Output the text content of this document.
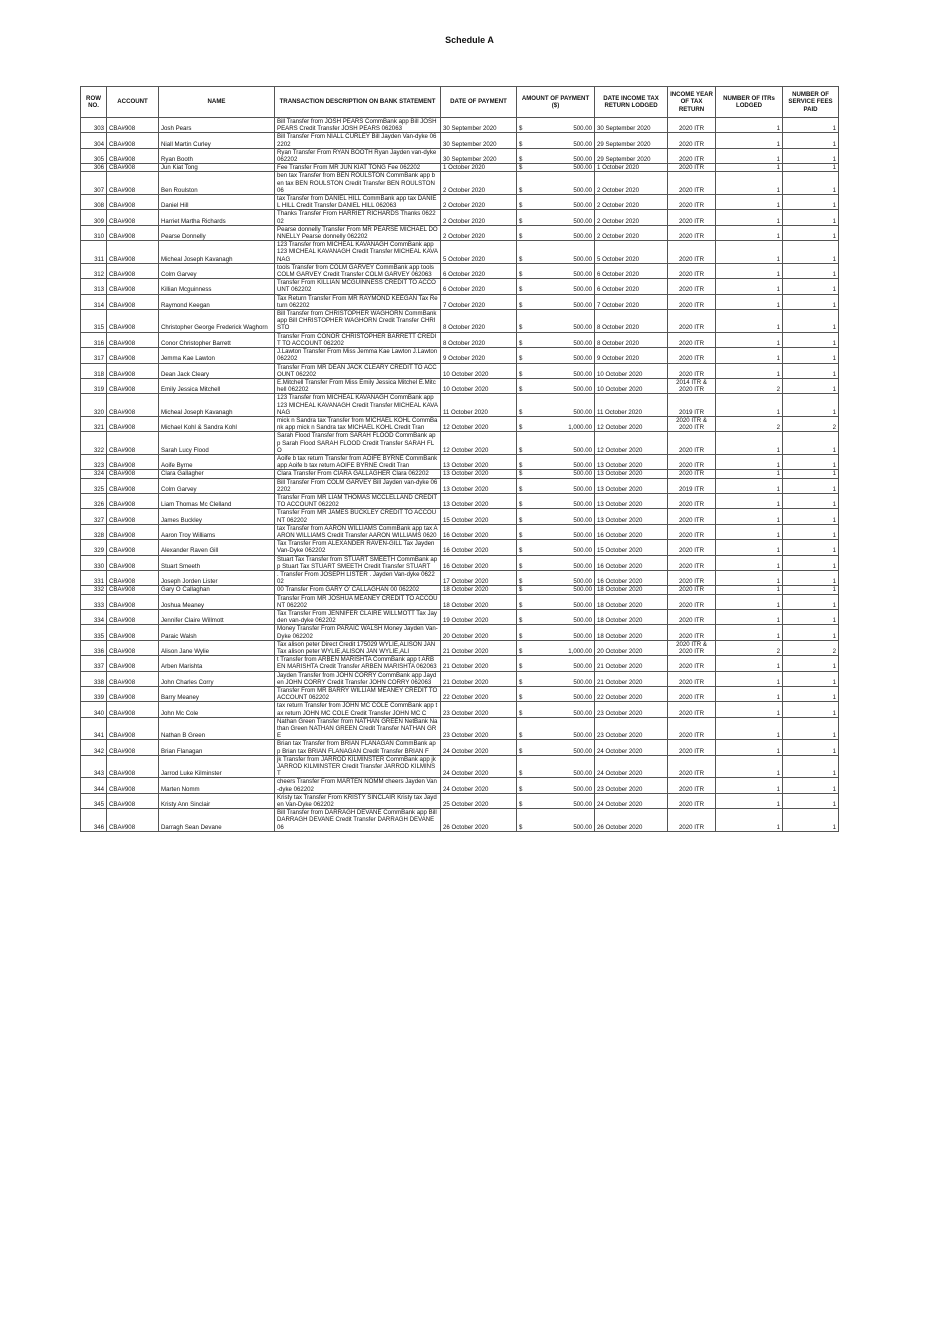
Schedule A
ROW NO.	ACCOUNT	NAME	TRANSACTION DESCRIPTION ON BANK STATEMENT	DATE OF PAYMENT	AMOUNT OF PAYMENT ($)		DATE INCOME TAX RETURN LODGED	INCOME YEAR OF TAX RETURN	NUMBER OF ITRs LODGED	NUMBER OF SERVICE FEES PAID
303	CBA#908	Josh Pears	Bill Transfer from JOSH PEARS CommBank app Bill JOSH PEARS Credit Transfer JOSH PEARS 062063	30 September 2020	$	500.00	30 September 2020	2020 ITR	1	1
304	CBA#908	Niall Martin Curley	Bill Transfer From NIALL CURLEY Bill Jayden Van-dyke 062202	30 September 2020	$	500.00	29 September 2020	2020 ITR	1	1
305	CBA#908	Ryan Booth	Ryan Transfer From RYAN BOOTH Ryan Jayden van-dyke 062202	30 September 2020	$	500.00	29 September 2020	2020 ITR	1	1
306	CBA#908	Jun Kiat Tong	Fee Transfer From MR JUN KIAT TONG Fee 062202	1 October 2020	$	500.00	1 October 2020	2020 ITR	1	1
307	CBA#908	Ben Roulston	ben tax Transfer from BEN ROULSTON CommBank app ben tax BEN ROULSTON Credit Transfer BEN ROULSTON 06	2 October 2020	$	500.00	2 October 2020	2020 ITR	1	1
308	CBA#908	Daniel Hill	tax Transfer from DANIEL HILL CommBank app tax DANIEL HILL Credit Transfer DANIEL HILL 062063	2 October 2020	$	500.00	2 October 2020	2020 ITR	1	1
309	CBA#908	Harriet Martha Richards	Thanks Transfer From HARRIET RICHARDS Thanks 062202	2 October 2020	$	500.00	2 October 2020	2020 ITR	1	1
310	CBA#908	Pearse Donnelly	Pearse donnelly Transfer From MR PEARSE MICHAEL DONNELLY Pearse donnelly 062202	2 October 2020	$	500.00	2 October 2020	2020 ITR	1	1
311	CBA#908	Micheal Joseph Kavanagh	123 Transfer from MICHEAL KAVANAGH CommBank app 123 MICHEAL KAVANAGH Credit Transfer MICHEAL KAVANAG	5 October 2020	$	500.00	5 October 2020	2020 ITR	1	1
312	CBA#908	Colm Garvey	tools Transfer from COLM GARVEY CommBank app tools COLM GARVEY Credit Transfer COLM GARVEY 062063	6 October 2020	$	500.00	6 October 2020	2020 ITR	1	1
313	CBA#908	Killian Mcguinness	Transfer From KILLIAN MCGUINNESS CREDIT TO ACCOUNT 062202	6 October 2020	$	500.00	6 October 2020	2020 ITR	1	1
314	CBA#908	Raymond Keegan	Tax Return Transfer From MR RAYMOND KEEGAN Tax Return 062202	7 October 2020	$	500.00	7 October 2020	2020 ITR	1	1
315	CBA#908	Christopher George Frederick Waghorn	Bill Transfer from CHRISTOPHER WAGHORN CommBank app Bill CHRISTOPHER WAGHORN Credit Transfer CHRISTO	8 October 2020	$	500.00	8 October 2020	2020 ITR	1	1
316	CBA#908	Conor Christopher Barrett	Transfer From CONOR CHRISTOPHER BARRETT CREDIT TO ACCOUNT 062202	8 October 2020	$	500.00	8 October 2020	2020 ITR	1	1
317	CBA#908	Jemma Kae Lawton	J.Lawton Transfer From Miss Jemma Kae Lawton J.Lawton 062202	9 October 2020	$	500.00	9 October 2020	2020 ITR	1	1
318	CBA#908	Dean Jack Cleary	Transfer From MR DEAN JACK CLEARY CREDIT TO ACCOUNT 062202	10 October 2020	$	500.00	10 October 2020	2020 ITR	1	1
319	CBA#908	Emily Jessica Mitchell	E.Mitchell Transfer From Miss Emily Jessica Mitchel E.Mitchell 062202	10 October 2020	$	500.00	10 October 2020	2014 ITR & 2020 ITR	2	1
320	CBA#908	Micheal Joseph Kavanagh	123 Transfer from MICHEAL KAVANAGH CommBank app 123 MICHEAL KAVANAGH Credit Transfer MICHEAL KAVANAG	11 October 2020	$	500.00	11 October 2020	2019 ITR	1	1
321	CBA#908	Michael Kohl & Sandra Kohl	mick n Sandra tax Transfer from MICHAEL KOHL CommBank app mick n Sandra tax MICHAEL KOHL Credit Tran	12 October 2020	$	1,000.00	12 October 2020	2020 ITR & 2020 ITR	2	2
322	CBA#908	Sarah Lucy Flood	Sarah Flood Transfer from SARAH FLOOD CommBank app Sarah Flood SARAH FLOOD Credit Transfer SARAH FLO	12 October 2020	$	500.00	12 October 2020	2020 ITR	1	1
323	CBA#908	Aoife Byrne	Aoife b tax return Transfer from AOIFE BYRNE CommBank app Aoife b tax return AOIFE BYRNE Credit Tran	13 October 2020	$	500.00	13 October 2020	2020 ITR	1	1
324	CBA#908	Clara Gallagher	Clara Transfer From CIARA GALLAGHER Clara 062202	13 October 2020	$	500.00	13 October 2020	2020 ITR	1	1
325	CBA#908	Colm Garvey	Bill Transfer From COLM GARVEY Bill Jayden van-dyke 062202	13 October 2020	$	500.00	13 October 2020	2019 ITR	1	1
326	CBA#908	Liam Thomas Mc Clelland	Transfer From MR LIAM THOMAS MCCLELLAND CREDIT TO ACCOUNT 062202	13 October 2020	$	500.00	13 October 2020	2020 ITR	1	1
327	CBA#908	James Buckley	Transfer From MR JAMES BUCKLEY CREDIT TO ACCOUNT 062202	15 October 2020	$	500.00	13 October 2020	2020 ITR	1	1
328	CBA#908	Aaron Troy Williams	tax Transfer from AARON WILLIAMS CommBank app tax AARON WILLIAMS Credit Transfer AARON WILLIAMS 0620	16 October 2020	$	500.00	16 October 2020	2020 ITR	1	1
329	CBA#908	Alexander Raven Gill	Tax Transfer From ALEXANDER RAVEN-GILL Tax Jayden Van-Dyke 062202	16 October 2020	$	500.00	15 October 2020	2020 ITR	1	1
330	CBA#908	Stuart Smeeth	Stuart Tax Transfer from STUART SMEETH CommBank app Stuart Tax STUART SMEETH Credit Transfer STUART	16 October 2020	$	500.00	16 October 2020	2020 ITR	1	1
331	CBA#908	Joseph Jorden Lister	. Transfer From JOSEPH LISTER . Jayden Van-dyke 062202	17 October 2020	$	500.00	16 October 2020	2020 ITR	1	1
332	CBA#908	Gary O Callaghan	00 Transfer From GARY O' CALLAGHAN 00 062202	18 October 2020	$	500.00	18 October 2020	2020 ITR	1	1
333	CBA#908	Joshua Meaney	Transfer From MR JOSHUA MEANEY CREDIT TO ACCOUNT 062202	18 October 2020	$	500.00	18 October 2020	2020 ITR	1	1
334	CBA#908	Jennifer Claire Willmott	Tax Transfer From JENNIFER CLAIRE WILLMOTT Tax Jayden van-dyke 062202	19 October 2020	$	500.00	18 October 2020	2020 ITR	1	1
335	CBA#908	Paraic Walsh	Money Transfer From PARAIC WALSH Money Jayden Van-Dyke 062202	20 October 2020	$	500.00	18 October 2020	2020 ITR	1	1
336	CBA#908	Alison Jane Wylie	Tax alison peter Direct Credit 175029 WYLIE,ALISON JAN Tax alison peter WYLIE,ALISON JAN WYLIE,ALI	21 October 2020	$	1,000.00	20 October 2020	2020 ITR & 2020 ITR	2	2
337	CBA#908	Arben Marishta	t Transfer from ARBEN MARISHTA CommBank app t ARBEN MARISHTA Credit Transfer ARBEN MARISHTA 062063	21 October 2020	$	500.00	21 October 2020	2020 ITR	1	1
338	CBA#908	John Charles Corry	Jayden Transfer from JOHN CORRY CommBank app Jayden JOHN CORRY Credit Transfer JOHN CORRY 062063	21 October 2020	$	500.00	21 October 2020	2020 ITR	1	1
339	CBA#908	Barry Meaney	Transfer From MR BARRY WILLIAM MEANEY CREDIT TO ACCOUNT 062202	22 October 2020	$	500.00	22 October 2020	2020 ITR	1	1
340	CBA#908	John Mc Cole	tax return Transfer from JOHN MC COLE CommBank app tax return JOHN MC COLE Credit Transfer JOHN MC C	23 October 2020	$	500.00	23 October 2020	2020 ITR	1	1
341	CBA#908	Nathan B Green	Nathan Green Transfer from NATHAN GREEN NetBank Nathan Green NATHAN GREEN Credit Transfer NATHAN GRE	23 October 2020	$	500.00	23 October 2020	2020 ITR	1	1
342	CBA#908	Brian Flanagan	Brian tax Transfer from BRIAN FLANAGAN CommBank app Brian tax BRIAN FLANAGAN Credit Transfer BRIAN F	24 October 2020	$	500.00	24 October 2020	2020 ITR	1	1
343	CBA#908	Jarrod Luke Kilminster	jk Transfer from JARROD KILMINSTER CommBank app jk JARROD KILMINSTER Credit Transfer JARROD KILMINST	24 October 2020	$	500.00	24 October 2020	2020 ITR	1	1
344	CBA#908	Marten Nomm	cheers Transfer From MARTEN NOMM cheers Jayden Van-dyke 062202	24 October 2020	$	500.00	23 October 2020	2020 ITR	1	1
345	CBA#908	Kristy Ann Sinclair	Kristy tax Transfer From KRISTY SINCLAIR Kristy tax Jayden Van-Dyke 062202	25 October 2020	$	500.00	24 October 2020	2020 ITR	1	1
346	CBA#908	Darragh Sean Devane	Bill Transfer from DARRAGH DEVANE CommBank app Bill DARRAGH DEVANE Credit Transfer DARRAGH DEVANE 06	26 October 2020	$	500.00	26 October 2020	2020 ITR	1	1
